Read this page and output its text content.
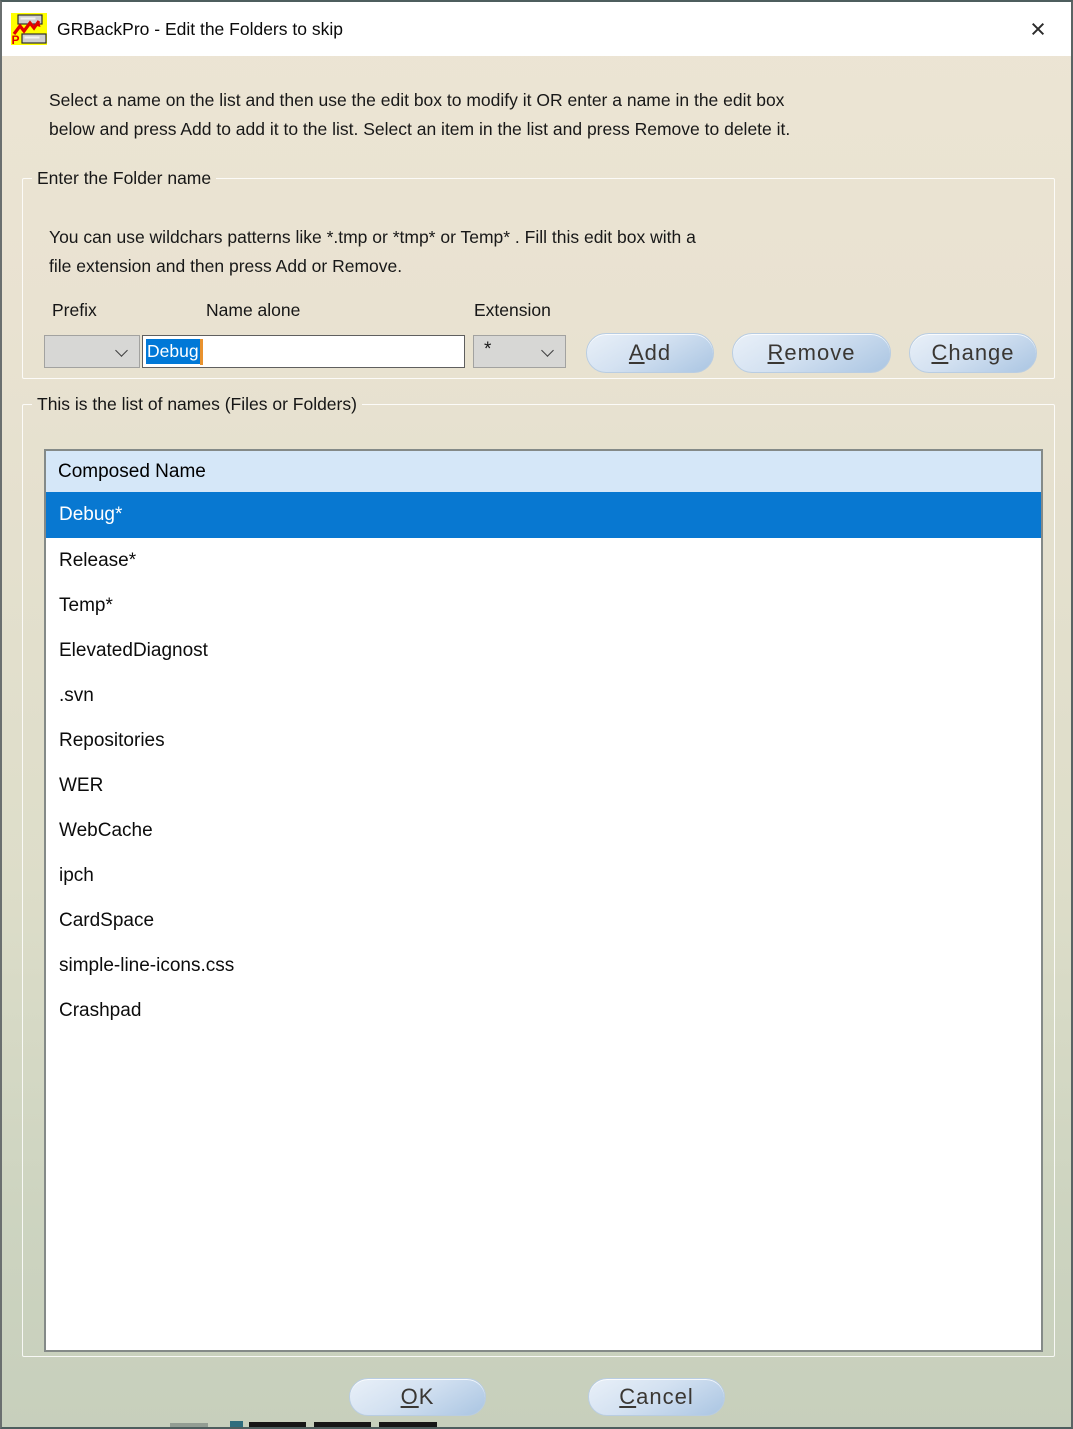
P
GRBackPro - Edit the Folders to skip	×
Select a name on the list and then use the edit box to modify it OR enter a name in the edit box
below and press Add to add it to the list. Select an item in the list and press Remove to delete it.
Enter the Folder name
You can use wildchars patterns like *.tmp or *tmp* or Temp* . Fill this edit box with a
file extension and then press Add or Remove.
Prefix	Name alone	Extension
Debug	*	Add	Remove	Change
This is the list of names (Files or Folders)
Composed Name
Debug*
Release*
Temp*
ElevatedDiagnost
.svn
Repositories
WER
WebCache
ipch
CardSpace
simple-line-icons.css
Crashpad
OK	Cancel
